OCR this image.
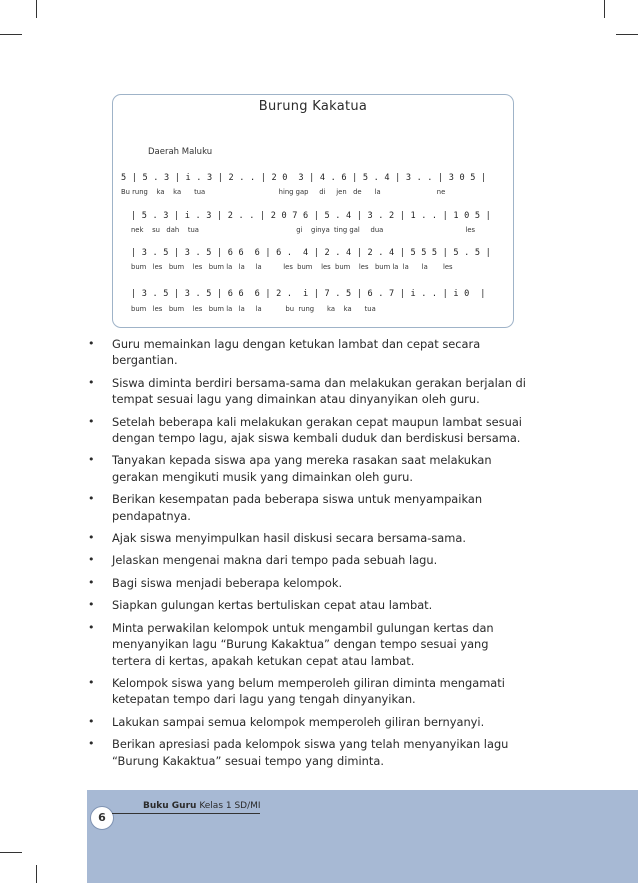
Burung Kakatua
Daerah Maluku
5 | 5 . 3 | i . 3 | 2 . . | 2 0  3 | 4 . 6 | 5 . 4 | 3 . . | 3 0 5 |
Bu rung    ka    ka      tua                                  hing gap     di     jen   de      la                          ne
| 5 . 3 | i . 3 | 2 . . | 2 0 7 6 | 5 . 4 | 3 . 2 | 1 . . | 1 0 5 |
nek    su   dah    tua                                             gi    ginya  ting gal     dua                                      les
| 3 . 5 | 3 . 5 | 6 6  6 | 6 .  4 | 2 . 4 | 2 . 4 | 5 5 5 | 5 . 5 |
bum   les   bum    les   bum la   la     la          les  bum    les  bum    les   bum la  la      la       les
| 3 . 5 | 3 . 5 | 6 6  6 | 2 .  i | 7 . 5 | 6 . 7 | i . . | i 0  |
bum   les   bum    les   bum la   la     la           bu  rung      ka    ka      tua
• Guru memainkan lagu dengan ketukan lambat dan cepat secara bergantian.
• Siswa diminta berdiri bersama-sama dan melakukan gerakan berjalan di tempat sesuai lagu yang dimainkan atau dinyanyikan oleh guru.
• Setelah beberapa kali melakukan gerakan cepat maupun lambat sesuai dengan tempo lagu, ajak siswa kembali duduk dan berdiskusi bersama.
• Tanyakan kepada siswa apa yang mereka rasakan saat melakukan gerakan mengikuti musik yang dimainkan oleh guru.
• Berikan kesempatan pada beberapa siswa untuk menyampaikan pendapatnya.
• Ajak siswa menyimpulkan hasil diskusi secara bersama-sama.
• Jelaskan mengenai makna dari tempo pada sebuah lagu.
• Bagi siswa menjadi beberapa kelompok.
• Siapkan gulungan kertas bertuliskan cepat atau lambat.
• Minta perwakilan kelompok untuk mengambil gulungan kertas dan menyanyikan lagu “Burung Kakaktua” dengan tempo sesuai yang tertera di kertas, apakah ketukan cepat atau lambat.
• Kelompok siswa yang belum memperoleh giliran diminta mengamati ketepatan tempo dari lagu yang tengah dinyanyikan.
• Lakukan sampai semua kelompok memperoleh giliran bernyanyi.
• Berikan apresiasi pada kelompok siswa yang telah menyanyikan lagu “Burung Kakaktua” sesuai tempo yang diminta.
6
Buku Guru Kelas 1 SD/MI
